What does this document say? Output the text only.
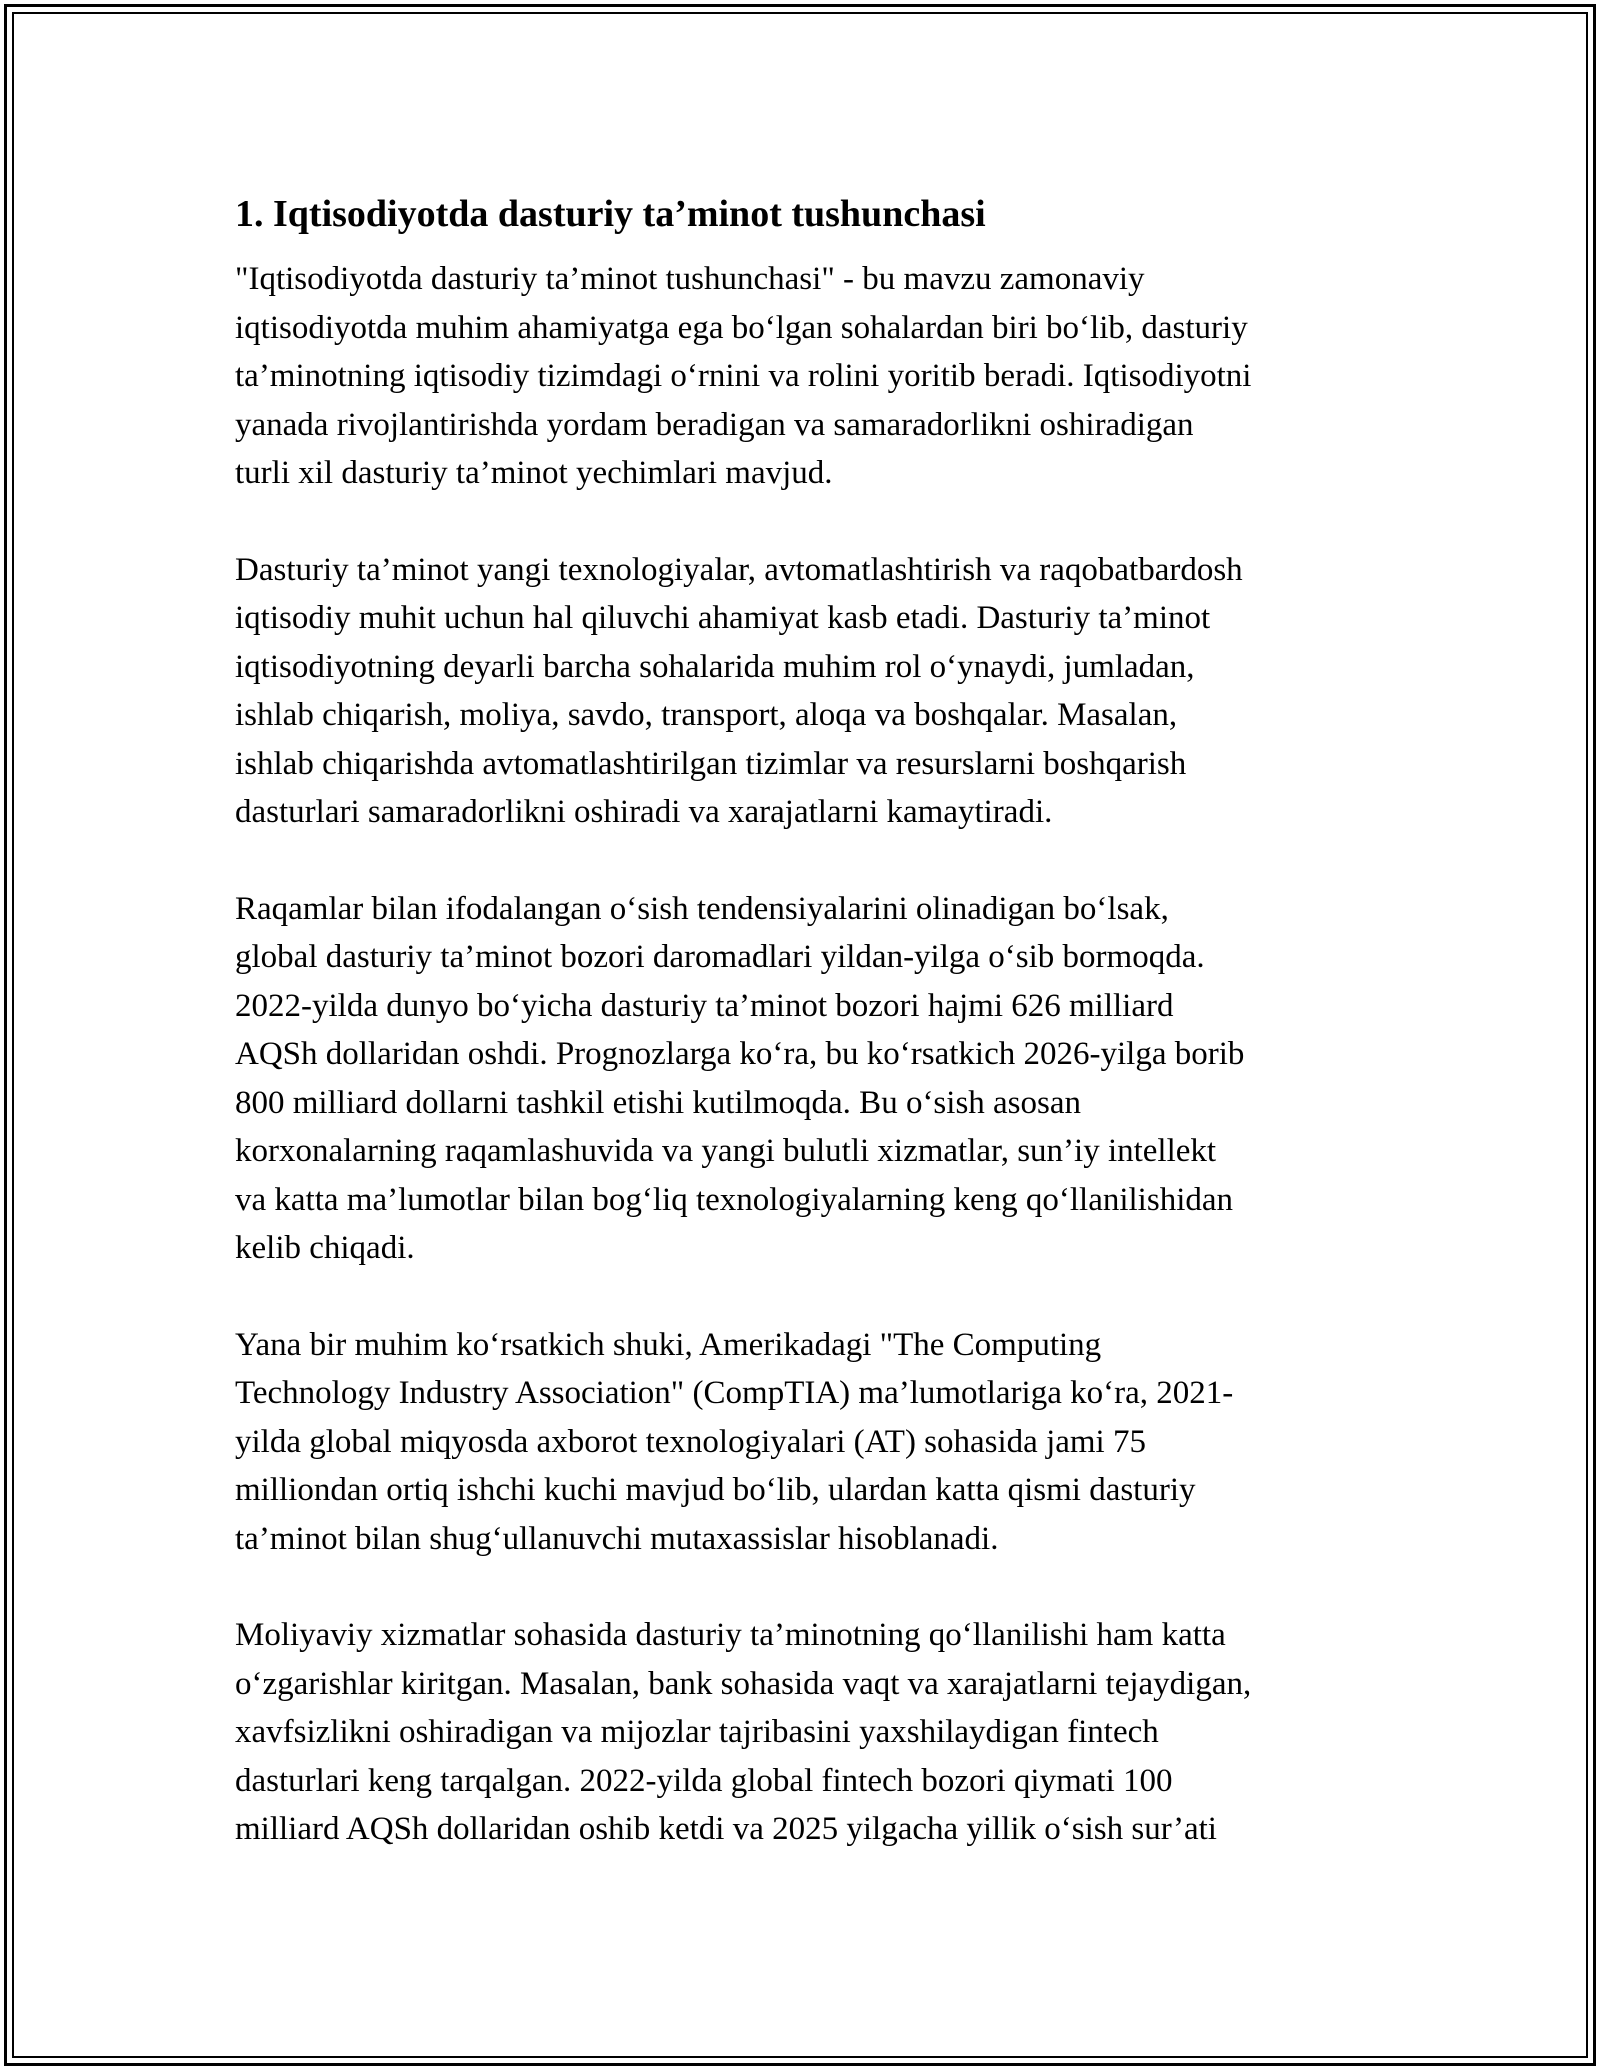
1. Iqtisodiyotda dasturiy ta’minot tushunchasi
"Iqtisodiyotda dasturiy ta’minot tushunchasi" - bu mavzu zamonaviy
iqtisodiyotda muhim ahamiyatga ega boʻlgan sohalardan biri boʻlib, dasturiy
ta’minotning iqtisodiy tizimdagi oʻrnini va rolini yoritib beradi. Iqtisodiyotni
yanada rivojlantirishda yordam beradigan va samaradorlikni oshiradigan
turli xil dasturiy ta’minot yechimlari mavjud.
Dasturiy ta’minot yangi texnologiyalar, avtomatlashtirish va raqobatbardosh
iqtisodiy muhit uchun hal qiluvchi ahamiyat kasb etadi. Dasturiy ta’minot
iqtisodiyotning deyarli barcha sohalarida muhim rol oʻynaydi, jumladan,
ishlab chiqarish, moliya, savdo, transport, aloqa va boshqalar. Masalan,
ishlab chiqarishda avtomatlashtirilgan tizimlar va resurslarni boshqarish
dasturlari samaradorlikni oshiradi va xarajatlarni kamaytiradi.
Raqamlar bilan ifodalangan oʻsish tendensiyalarini olinadigan boʻlsak,
global dasturiy ta’minot bozori daromadlari yildan-yilga oʻsib bormoqda.
2022-yilda dunyo boʻyicha dasturiy ta’minot bozori hajmi 626 milliard
AQSh dollaridan oshdi. Prognozlarga koʻra, bu koʻrsatkich 2026-yilga borib
800 milliard dollarni tashkil etishi kutilmoqda. Bu oʻsish asosan
korxonalarning raqamlashuvida va yangi bulutli xizmatlar, sun’iy intellekt
va katta ma’lumotlar bilan bogʻliq texnologiyalarning keng qoʻllanilishidan
kelib chiqadi.
Yana bir muhim koʻrsatkich shuki, Amerikadagi "The Computing
Technology Industry Association" (CompTIA) ma’lumotlariga koʻra, 2021-
yilda global miqyosda axborot texnologiyalari (AT) sohasida jami 75
milliondan ortiq ishchi kuchi mavjud boʻlib, ulardan katta qismi dasturiy
ta’minot bilan shugʻullanuvchi mutaxassislar hisoblanadi.
Moliyaviy xizmatlar sohasida dasturiy ta’minotning qoʻllanilishi ham katta
oʻzgarishlar kiritgan. Masalan, bank sohasida vaqt va xarajatlarni tejaydigan,
xavfsizlikni oshiradigan va mijozlar tajribasini yaxshilaydigan fintech
dasturlari keng tarqalgan. 2022-yilda global fintech bozori qiymati 100
milliard AQSh dollaridan oshib ketdi va 2025 yilgacha yillik oʻsish sur’ati
